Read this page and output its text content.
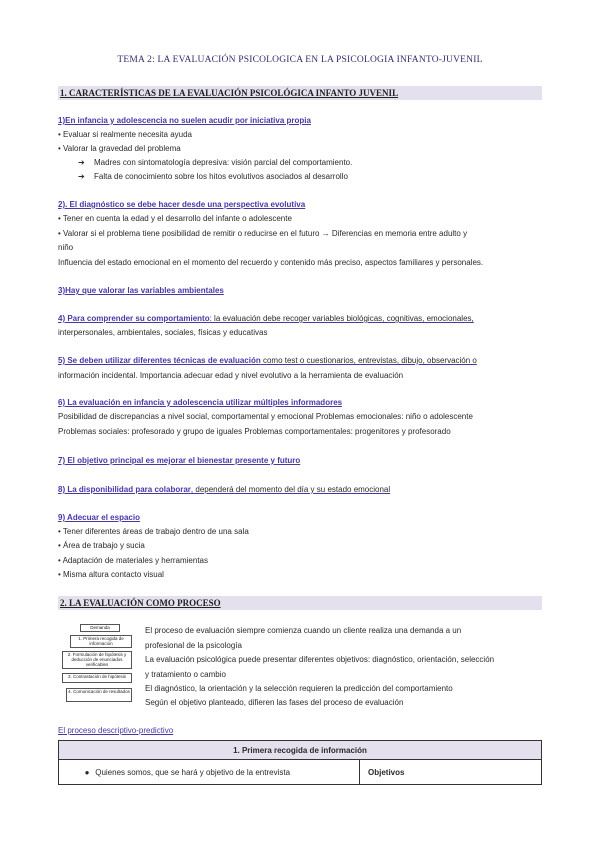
TEMA 2: LA EVALUACIÓN PSICOLOGICA EN LA PSICOLOGIA INFANTO-JUVENIL
1. CARACTERÍSTICAS DE LA EVALUACIÓN PSICOLÓGICA INFANTO JUVENIL
1)En infancia y adolescencia no suelen acudir por iniciativa propia
• Evaluar si realmente necesita ayuda
• Valorar la gravedad del problema
➔ Madres con sintomatología depresiva: visión parcial del comportamiento.
➔ Falta de conocimiento sobre los hitos evolutivos asociados al desarrollo
2). El diagnóstico se debe hacer desde una perspectiva evolutiva
• Tener en cuenta la edad y el desarrollo del infante o adolescente
• Valorar si el problema tiene posibilidad de remitir o reducirse en el futuro → Diferencias en memoria entre adulto y
niño
Influencia del estado emocional en el momento del recuerdo y contenido más preciso, aspectos familiares y personales.
3)Hay que valorar las variables ambientales
4) Para comprender su comportamiento: la evaluación debe recoger variables biológicas, cognitivas, emocionales,
interpersonales, ambientales, sociales, físicas y educativas
5) Se deben utilizar diferentes técnicas de evaluación como test o cuestionarios, entrevistas, dibujo, observación o
información incidental. Importancia adecuar edad y nivel evolutivo a la herramienta de evaluación
6) La evaluación en infancia y adolescencia utilizar múltiples informadores
Posibilidad de discrepancias a nivel social, comportamental y emocional Problemas emocionales: niño o adolescente
Problemas sociales: profesorado y grupo de iguales Problemas comportamentales: progenitores y profesorado
7) El objetivo principal es mejorar el bienestar presente y futuro
8) La disponibilidad para colaborar, dependerá del momento del día y su estado emocional
9) Adecuar el espacio
• Tener diferentes áreas de trabajo dentro de una sala
• Área de trabajo y sucia
• Adaptación de materiales y herramientas
• Misma altura contacto visual
2. LA EVALUACIÓN COMO PROCESO
Demanda
1. Primera recogida de información
2. Formulación de hipótesis y deducción de enunciados verificables
3. Contrastación de hipótesis
4. Comunicación de resultados
El proceso de evaluación siempre comienza cuando un cliente realiza una demanda a un
profesional de la psicología
La evaluación psicológica puede presentar diferentes objetivos: diagnóstico, orientación, selección
y tratamiento o cambio
El diagnóstico, la orientación y la selección requieren la predicción del comportamiento
Según el objetivo planteado, difieren las fases del proceso de evaluación
El proceso descriptivo-predictivo
1. Primera recogida de información
● Quienes somos, que se hará y objetivo de la entrevista	Objetivos
